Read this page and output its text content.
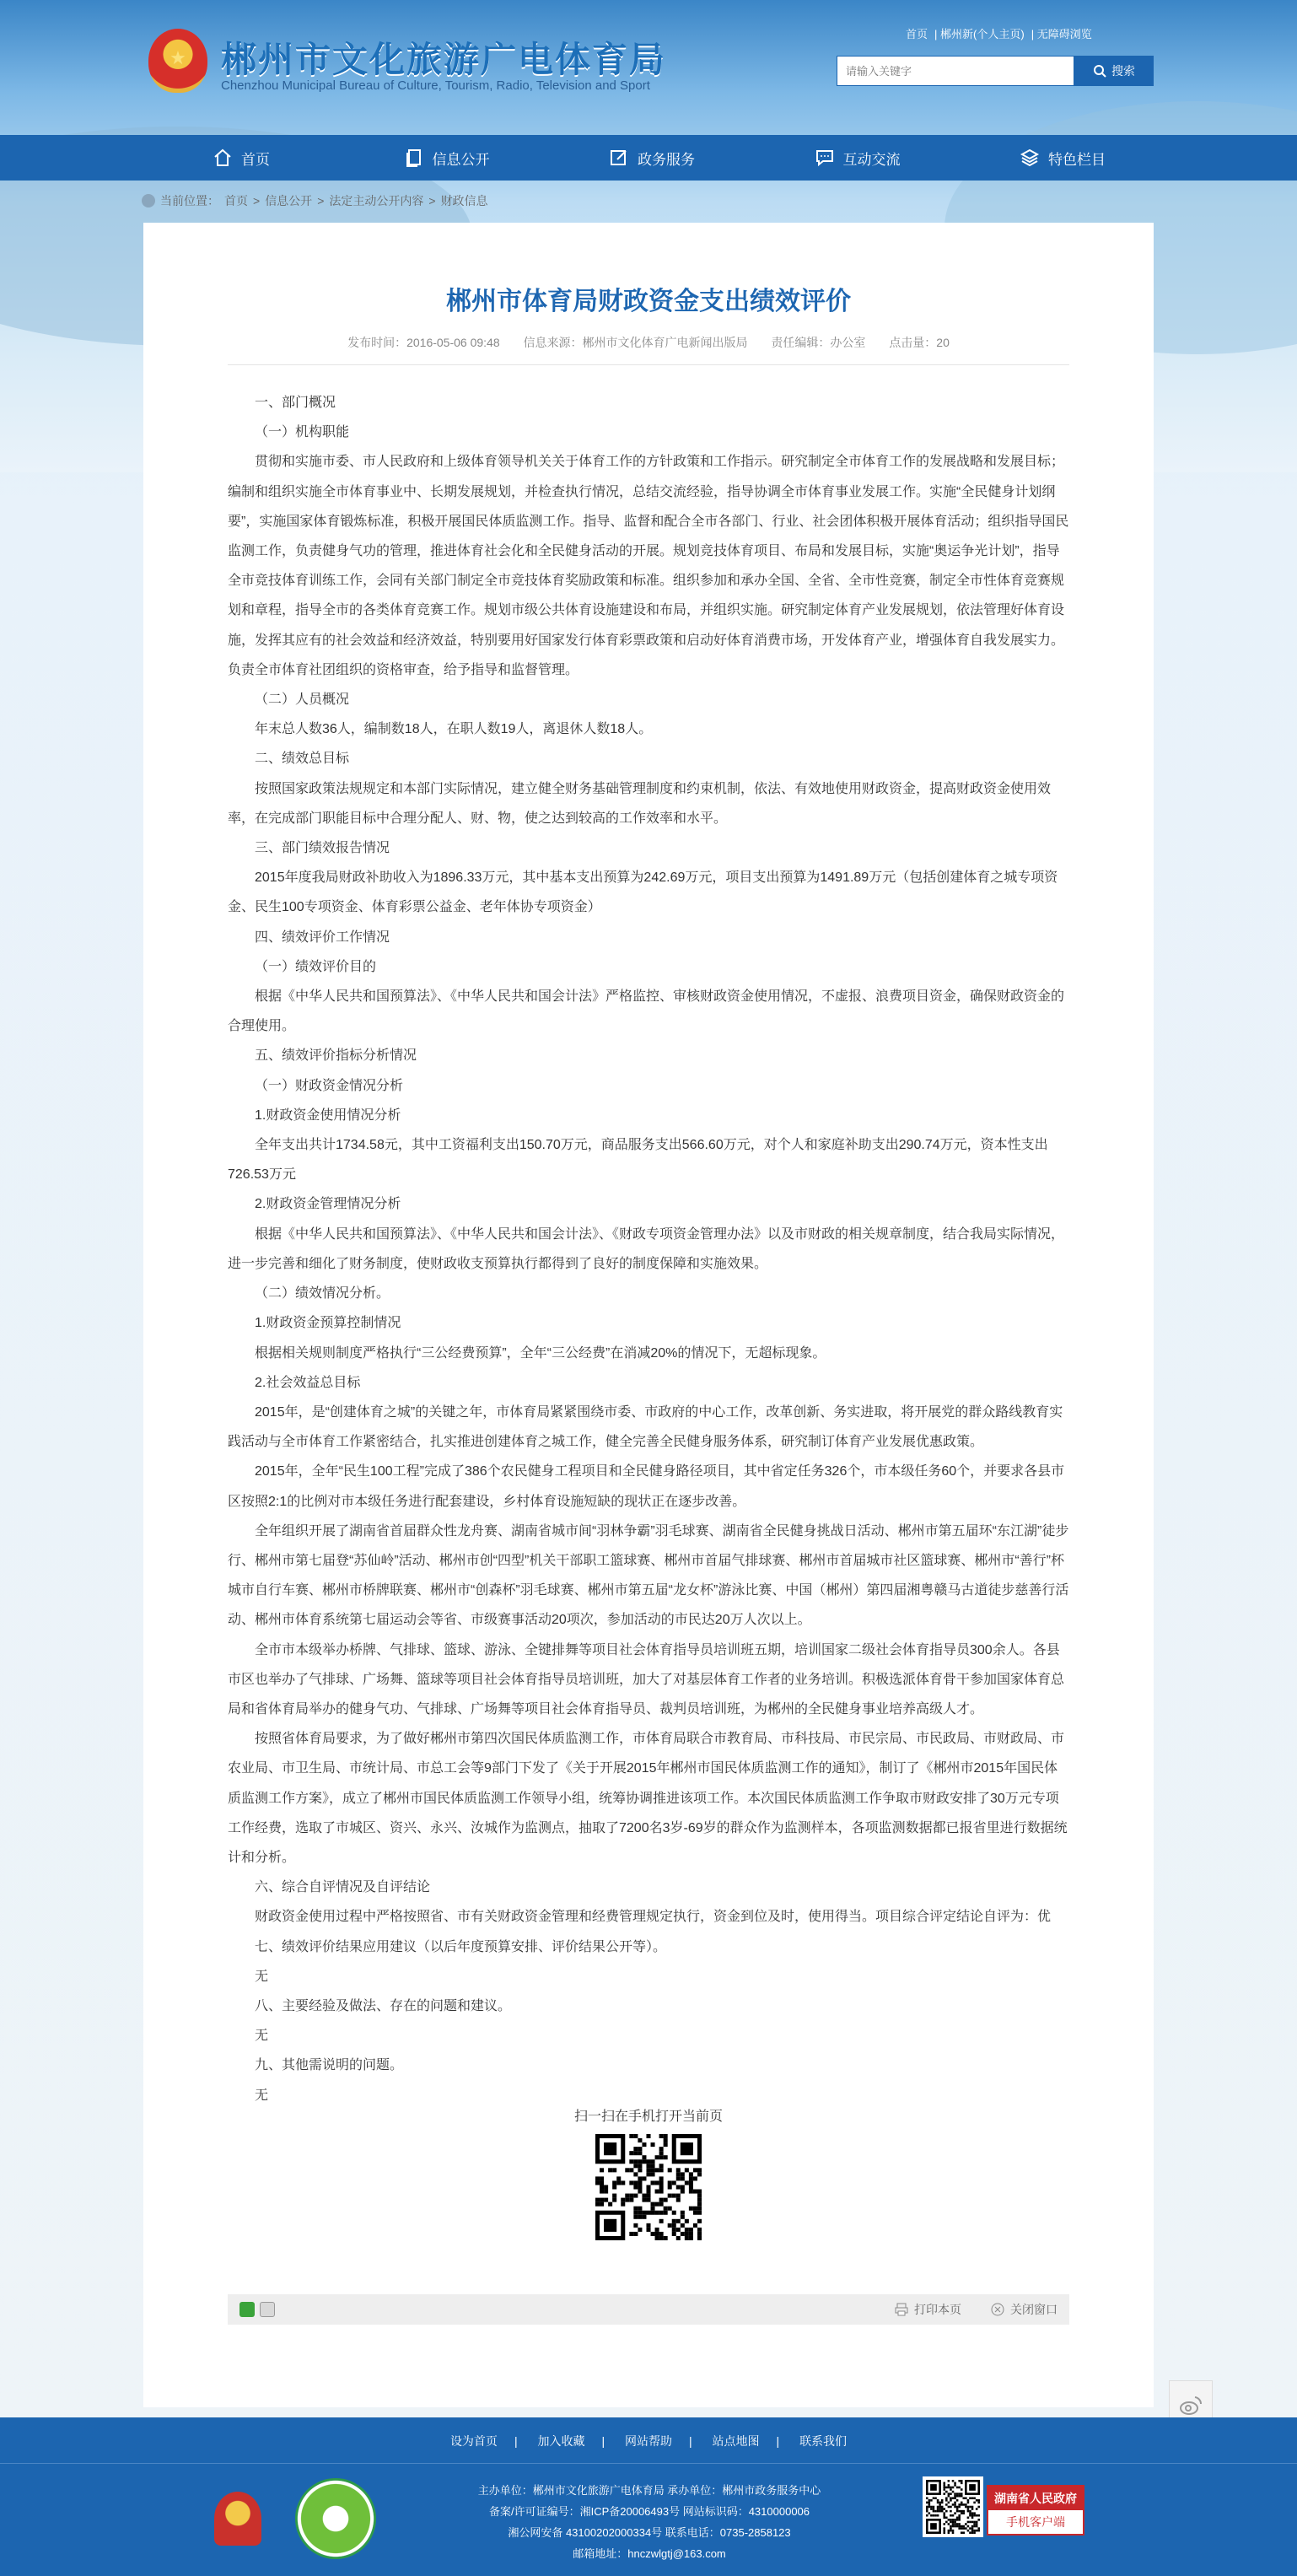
★ 郴州市文化旅游广电体育局
Chenzhou Municipal Bureau of Culture, Tourism, Radio, Television and Sport
首页 | 郴州新(个人主页) | 无障碍浏览
请输入关键字
搜索
首页	信息公开	政务服务	互动交流	特色栏目
当前位置： 首页 > 信息公开 > 法定主动公开内容 > 财政信息
郴州市体育局财政资金支出绩效评价
发布时间：2016-05-06 09:48 信息来源：郴州市文化体育广电新闻出版局 责任编辑：办公室 点击量：20

一、部门概况

（一）机构职能

贯彻和实施市委、市人民政府和上级体育领导机关关于体育工作的方针政策和工作指示。研究制定全市体育工作的发展战略和发展目标；编制和组织实施全市体育事业中、长期发展规划，并检查执行情况，总结交流经验，指导协调全市体育事业发展工作。实施“全民健身计划纲要”，实施国家体育锻炼标准，积极开展国民体质监测工作。指导、监督和配合全市各部门、行业、社会团体积极开展体育活动；组织指导国民监测工作，负责健身气功的管理，推进体育社会化和全民健身活动的开展。规划竞技体育项目、布局和发展目标，实施“奥运争光计划”，指导全市竞技体育训练工作，会同有关部门制定全市竞技体育奖励政策和标准。组织参加和承办全国、全省、全市性竞赛，制定全市性体育竞赛规划和章程，指导全市的各类体育竞赛工作。规划市级公共体育设施建设和布局，并组织实施。研究制定体育产业发展规划，依法管理好体育设施，发挥其应有的社会效益和经济效益，特别要用好国家发行体育彩票政策和启动好体育消费市场，开发体育产业，增强体育自我发展实力。负责全市体育社团组织的资格审查，给予指导和监督管理。

（二）人员概况

年末总人数36人，编制数18人，在职人数19人，离退休人数18人。

二、绩效总目标

按照国家政策法规规定和本部门实际情况，建立健全财务基础管理制度和约束机制，依法、有效地使用财政资金，提高财政资金使用效率，在完成部门职能目标中合理分配人、财、物，使之达到较高的工作效率和水平。

三、部门绩效报告情况

2015年度我局财政补助收入为1896.33万元，其中基本支出预算为242.69万元，项目支出预算为1491.89万元（包括创建体育之城专项资金、民生100专项资金、体育彩票公益金、老年体协专项资金）

四、绩效评价工作情况

（一）绩效评价目的

根据《中华人民共和国预算法》、《中华人民共和国会计法》严格监控、审核财政资金使用情况，不虚报、浪费项目资金，确保财政资金的合理使用。

五、绩效评价指标分析情况

（一）财政资金情况分析

1.财政资金使用情况分析

全年支出共计1734.58元，其中工资福利支出150.70万元，商品服务支出566.60万元，对个人和家庭补助支出290.74万元，资本性支出726.53万元

2.财政资金管理情况分析

根据《中华人民共和国预算法》、《中华人民共和国会计法》、《财政专项资金管理办法》以及市财政的相关规章制度，结合我局实际情况，进一步完善和细化了财务制度，使财政收支预算执行都得到了良好的制度保障和实施效果。

（二）绩效情况分析。

1.财政资金预算控制情况

根据相关规则制度严格执行“三公经费预算”，全年“三公经费”在消减20%的情况下，无超标现象。

2.社会效益总目标

2015年，是“创建体育之城”的关键之年，市体育局紧紧围绕市委、市政府的中心工作，改革创新、务实进取，将开展党的群众路线教育实践活动与全市体育工作紧密结合，扎实推进创建体育之城工作，健全完善全民健身服务体系，研究制订体育产业发展优惠政策。

2015年，全年“民生100工程”完成了386个农民健身工程项目和全民健身路径项目，其中省定任务326个，市本级任务60个，并要求各县市区按照2:1的比例对市本级任务进行配套建设，乡村体育设施短缺的现状正在逐步改善。

全年组织开展了湖南省首届群众性龙舟赛、湖南省城市间“羽林争霸”羽毛球赛、湖南省全民健身挑战日活动、郴州市第五届环“东江湖”徒步行、郴州市第七届登“苏仙岭”活动、郴州市创“四型”机关干部职工篮球赛、郴州市首届气排球赛、郴州市首届城市社区篮球赛、郴州市“善行”杯城市自行车赛、郴州市桥牌联赛、郴州市“创森杯”羽毛球赛、郴州市第五届“龙女杯”游泳比赛、中国（郴州）第四届湘粤赣马古道徒步慈善行活动、郴州市体育系统第七届运动会等省、市级赛事活动20项次，参加活动的市民达20万人次以上。

全市市本级举办桥牌、气排球、篮球、游泳、全键排舞等项目社会体育指导员培训班五期，培训国家二级社会体育指导员300余人。各县市区也举办了气排球、广场舞、篮球等项目社会体育指导员培训班，加大了对基层体育工作者的业务培训。积极选派体育骨干参加国家体育总局和省体育局举办的健身气功、气排球、广场舞等项目社会体育指导员、裁判员培训班，为郴州的全民健身事业培养高级人才。

按照省体育局要求，为了做好郴州市第四次国民体质监测工作，市体育局联合市教育局、市科技局、市民宗局、市民政局、市财政局、市农业局、市卫生局、市统计局、市总工会等9部门下发了《关于开展2015年郴州市国民体质监测工作的通知》，制订了《郴州市2015年国民体质监测工作方案》，成立了郴州市国民体质监测工作领导小组，统筹协调推进该项工作。本次国民体质监测工作争取市财政安排了30万元专项工作经费，选取了市城区、资兴、永兴、汝城作为监测点，抽取了7200名3岁-69岁的群众作为监测样本，各项监测数据都已报省里进行数据统计和分析。

六、综合自评情况及自评结论

财政资金使用过程中严格按照省、市有关财政资金管理和经费管理规定执行，资金到位及时，使用得当。项目综合评定结论自评为：优

七、绩效评价结果应用建议（以后年度预算安排、评价结果公开等）。

无

八、主要经验及做法、存在的问题和建议。

无

九、其他需说明的问题。

无

扫一扫在手机打开当前页
打印本页	关闭窗口
设为首页 | 加入收藏 | 网站帮助 | 站点地图 | 联系我们
主办单位：郴州市文化旅游广电体育局 承办单位：郴州市政务服务中心
备案/许可证编号：湘ICP备20006493号 网站标识码：4310000006
湘公网安备 43100202000334号 联系电话：0735-2858123
邮箱地址：hnczwlgtj@163.com
湖南省人民政府
手机客户端
